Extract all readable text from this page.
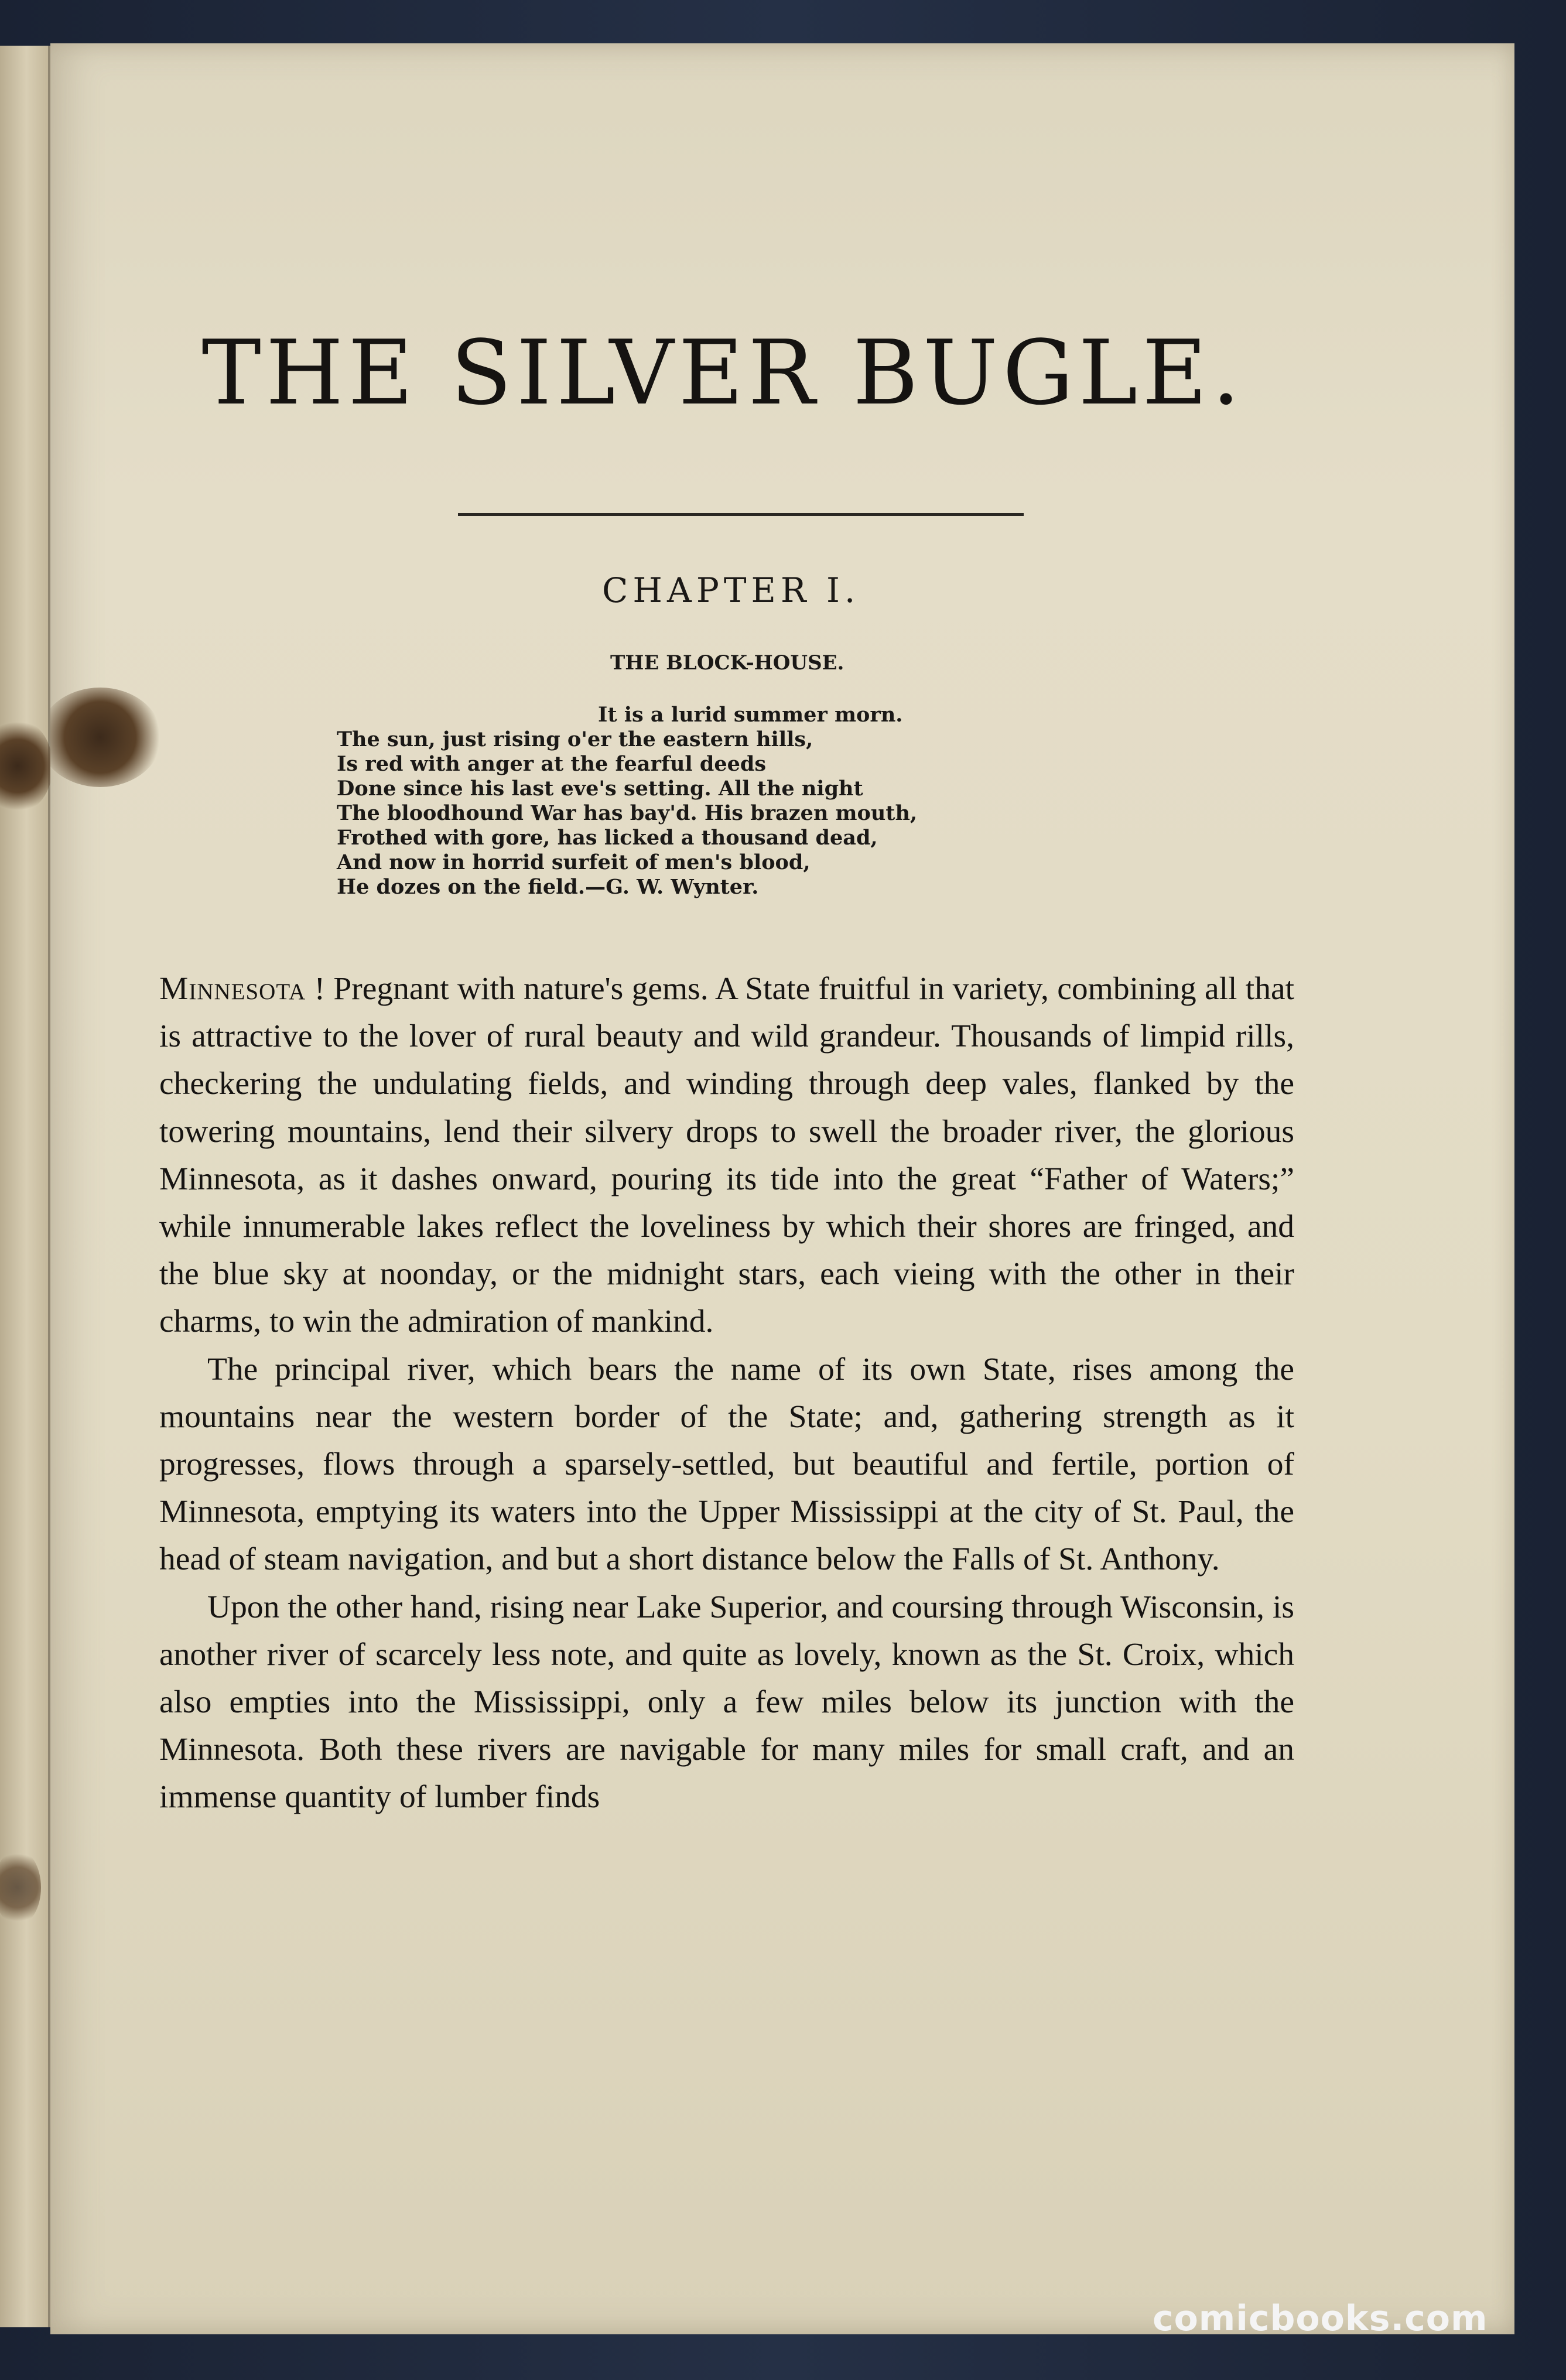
THE SILVER BUGLE.
CHAPTER I.
THE BLOCK-HOUSE.
It is a lurid summer morn.
The sun, just rising o'er the eastern hills,
Is red with anger at the fearful deeds
Done since his last eve's setting. All the night
The bloodhound War has bay'd. His brazen mouth,
Frothed with gore, has licked a thousand dead,
And now in horrid surfeit of men's blood,
He dozes on the field.—G. W. Wynter.

Minnesota ! Pregnant with nature's gems. A State fruitful in variety, combining all that is attractive to the lover of rural beauty and wild grandeur. Thousands of limpid rills, checkering the undulating fields, and winding through deep vales, flanked by the towering mountains, lend their silvery drops to swell the broader river, the glorious Minnesota, as it dashes onward, pouring its tide into the great “Father of Waters;” while innumerable lakes reflect the loveliness by which their shores are fringed, and the blue sky at noonday, or the midnight stars, each vieing with the other in their charms, to win the admiration of mankind.

The principal river, which bears the name of its own State, rises among the mountains near the western border of the State; and, gathering strength as it progresses, flows through a sparsely-settled, but beautiful and fertile, portion of Minnesota, emptying its waters into the Upper Mississippi at the city of St. Paul, the head of steam navigation, and but a short distance below the Falls of St. Anthony.

Upon the other hand, rising near Lake Superior, and coursing through Wisconsin, is another river of scarcely less note, and quite as lovely, known as the St. Croix, which also empties into the Mississippi, only a few miles below its junction with the Minnesota. Both these rivers are navigable for many miles for small craft, and an immense quantity of lumber finds

comicbooks.com
